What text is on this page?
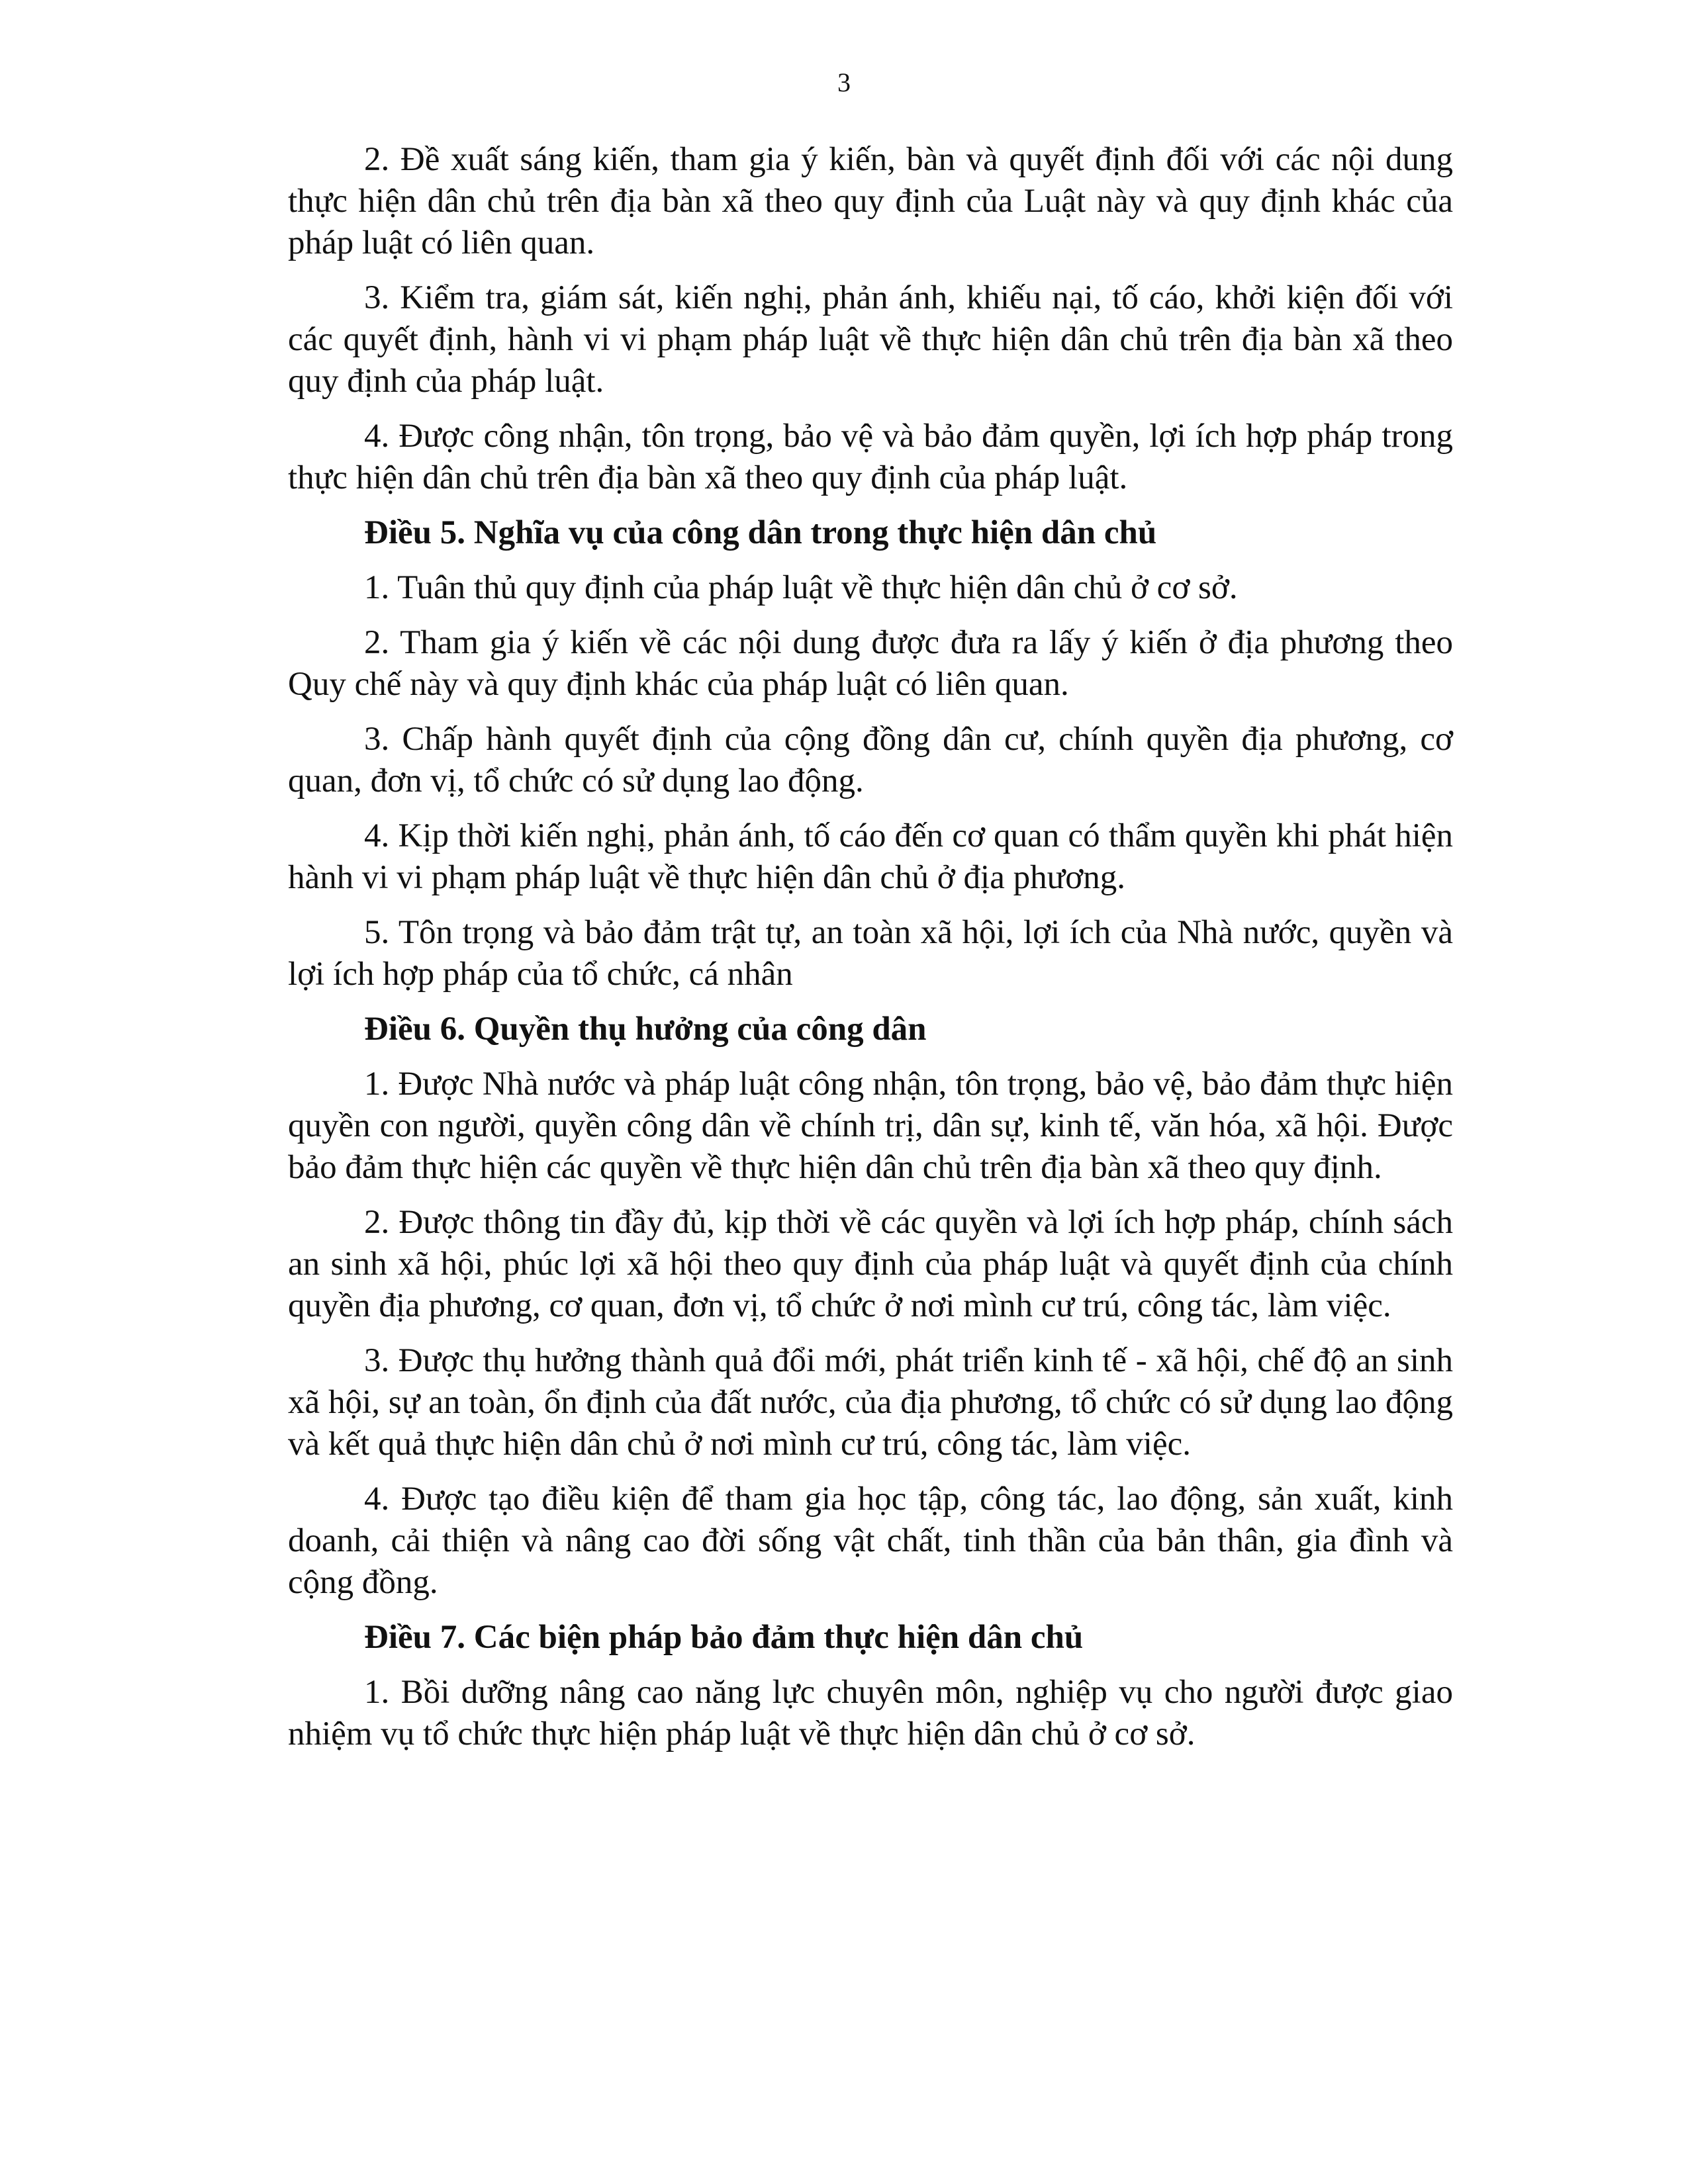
3

2. Đề xuất sáng kiến, tham gia ý kiến, bàn và quyết định đối với các nội dung thực hiện dân chủ trên địa bàn xã theo quy định của Luật này và quy định khác của pháp luật có liên quan.

3. Kiểm tra, giám sát, kiến nghị, phản ánh, khiếu nại, tố cáo, khởi kiện đối với các quyết định, hành vi vi phạm pháp luật về thực hiện dân chủ trên địa bàn xã theo quy định của pháp luật.

4. Được công nhận, tôn trọng, bảo vệ và bảo đảm quyền, lợi ích hợp pháp trong thực hiện dân chủ trên địa bàn xã theo quy định của pháp luật.

Điều 5. Nghĩa vụ của công dân trong thực hiện dân chủ

1. Tuân thủ quy định của pháp luật về thực hiện dân chủ ở cơ sở.

2. Tham gia ý kiến về các nội dung được đưa ra lấy ý kiến ở địa phương theo Quy chế này và quy định khác của pháp luật có liên quan.

3. Chấp hành quyết định của cộng đồng dân cư, chính quyền địa phương, cơ quan, đơn vị, tổ chức có sử dụng lao động.

4. Kịp thời kiến nghị, phản ánh, tố cáo đến cơ quan có thẩm quyền khi phát hiện hành vi vi phạm pháp luật về thực hiện dân chủ ở địa phương.

5. Tôn trọng và bảo đảm trật tự, an toàn xã hội, lợi ích của Nhà nước, quyền và lợi ích hợp pháp của tổ chức, cá nhân

Điều 6. Quyền thụ hưởng của công dân

1. Được Nhà nước và pháp luật công nhận, tôn trọng, bảo vệ, bảo đảm thực hiện quyền con người, quyền công dân về chính trị, dân sự, kinh tế, văn hóa, xã hội. Được bảo đảm thực hiện các quyền về thực hiện dân chủ trên địa bàn xã theo quy định.

2. Được thông tin đầy đủ, kịp thời về các quyền và lợi ích hợp pháp, chính sách an sinh xã hội, phúc lợi xã hội theo quy định của pháp luật và quyết định của chính quyền địa phương, cơ quan, đơn vị, tổ chức ở nơi mình cư trú, công tác, làm việc.

3. Được thụ hưởng thành quả đổi mới, phát triển kinh tế - xã hội, chế độ an sinh xã hội, sự an toàn, ổn định của đất nước, của địa phương, tổ chức có sử dụng lao động và kết quả thực hiện dân chủ ở nơi mình cư trú, công tác, làm việc.

4. Được tạo điều kiện để tham gia học tập, công tác, lao động, sản xuất, kinh doanh, cải thiện và nâng cao đời sống vật chất, tinh thần của bản thân, gia đình và cộng đồng.

Điều 7. Các biện pháp bảo đảm thực hiện dân chủ

1. Bồi dưỡng nâng cao năng lực chuyên môn, nghiệp vụ cho người được giao nhiệm vụ tổ chức thực hiện pháp luật về thực hiện dân chủ ở cơ sở.
